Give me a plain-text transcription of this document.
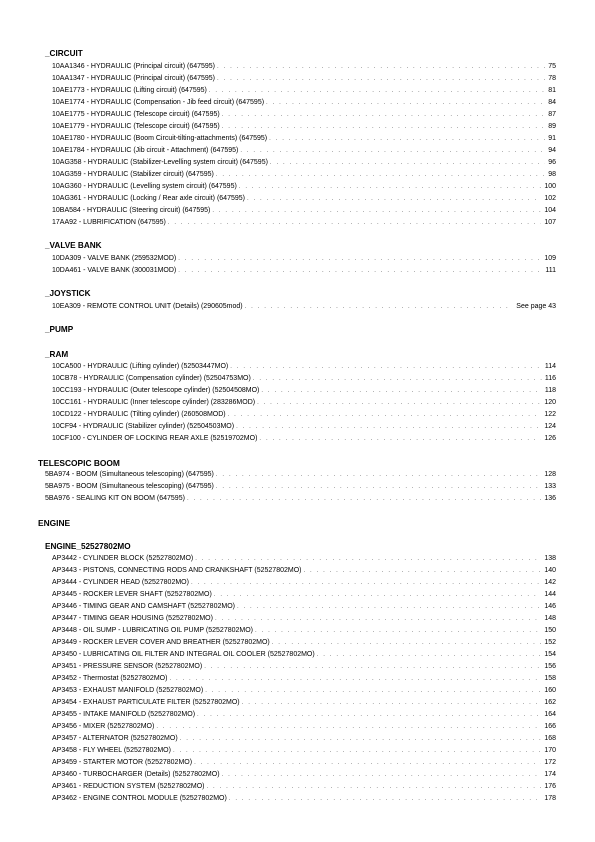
_CIRCUIT
10AA1346 - HYDRAULIC (Principal circuit) (647595) . . .	75
10AA1347 - HYDRAULIC (Principal circuit) (647595) . . .	78
10AE1773 - HYDRAULIC (Lifting circuit) (647595) . . .	81
10AE1774 - HYDRAULIC (Compensation - Jib feed circuit) (647595) . . .	84
10AE1775 - HYDRAULIC (Telescope circuit) (647595) . . .	87
10AE1779 - HYDRAULIC (Telescope circuit) (647595) . . .	89
10AE1780 - HYDRAULIC (Boom Circuit-tilting-attachments) (647595) . . .	91
10AE1784 - HYDRAULIC (Jib circuit - Attachment) (647595) . . .	94
10AG358 - HYDRAULIC (Stabilizer-Levelling system circuit) (647595) . . .	96
10AG359 - HYDRAULIC (Stabilizer circuit) (647595) . . .	98
10AG360 - HYDRAULIC (Levelling system circuit) (647595) . . .	100
10AG361 - HYDRAULIC (Locking / Rear axle circuit) (647595) . . .	102
10BA584 - HYDRAULIC (Steering circuit) (647595) . . .	104
17AA92 - LUBRIFICATION (647595) . . .	107
_VALVE BANK
10DA309 - VALVE BANK (259532MOD) . . .	109
10DA461 - VALVE BANK (300031MOD) . . .	111
_JOYSTICK
10EA309 - REMOTE CONTROL UNIT (Details) (290605mod) . . .	See page 43
_PUMP
_RAM
10CA500 - HYDRAULIC (Lifting cylinder) (52503447MO) . . .	114
10CB78 - HYDRAULIC (Compensation cylinder) (52504753MO) . . .	116
10CC193 - HYDRAULIC (Outer telescope cylinder) (52504508MO) . . .	118
10CC161 - HYDRAULIC (Inner telescope cylinder) (283286MOD) . . .	120
10CD122 - HYDRAULIC (Tilting cylinder) (260508MOD) . . .	122
10CF94 - HYDRAULIC (Stabilizer cylinder) (52504503MO) . . .	124
10CF100 - CYLINDER OF LOCKING REAR AXLE (52519702MO) . . .	126
TELESCOPIC BOOM
5BA974 - BOOM (Simultaneous telescoping) (647595) . . .	128
5BA975 - BOOM (Simultaneous telescoping) (647595) . . .	133
5BA976 - SEALING KIT ON BOOM (647595) . . .	136
ENGINE
ENGINE_52527802MO
AP3442 - CYLINDER BLOCK (52527802MO) . . .	138
AP3443 - PISTONS, CONNECTING RODS AND CRANKSHAFT (52527802MO) . . .	140
AP3444 - CYLINDER HEAD (52527802MO) . . .	142
AP3445 - ROCKER LEVER SHAFT (52527802MO) . . .	144
AP3446 - TIMING GEAR AND CAMSHAFT (52527802MO) . . .	146
AP3447 - TIMING GEAR HOUSING (52527802MO) . . .	148
AP3448 - OIL SUMP - LUBRICATING OIL PUMP (52527802MO) . . .	150
AP3449 - ROCKER LEVER COVER AND BREATHER (52527802MO) . . .	152
AP3450 - LUBRICATING OIL FILTER AND INTEGRAL OIL COOLER (52527802MO) . . .	154
AP3451 - PRESSURE SENSOR (52527802MO) . . .	156
AP3452 - Thermostat (52527802MO) . . .	158
AP3453 - EXHAUST MANIFOLD (52527802MO) . . .	160
AP3454 - EXHAUST PARTICULATE FILTER (52527802MO) . . .	162
AP3455 - INTAKE MANIFOLD (52527802MO) . . .	164
AP3456 - MIXER (52527802MO) . . .	166
AP3457 - ALTERNATOR (52527802MO) . . .	168
AP3458 - FLY WHEEL (52527802MO) . . .	170
AP3459 - STARTER MOTOR (52527802MO) . . .	172
AP3460 - TURBOCHARGER (Details) (52527802MO) . . .	174
AP3461 - REDUCTION SYSTEM (52527802MO) . . .	176
AP3462 - ENGINE CONTROL MODULE (52527802MO) . . .	178
